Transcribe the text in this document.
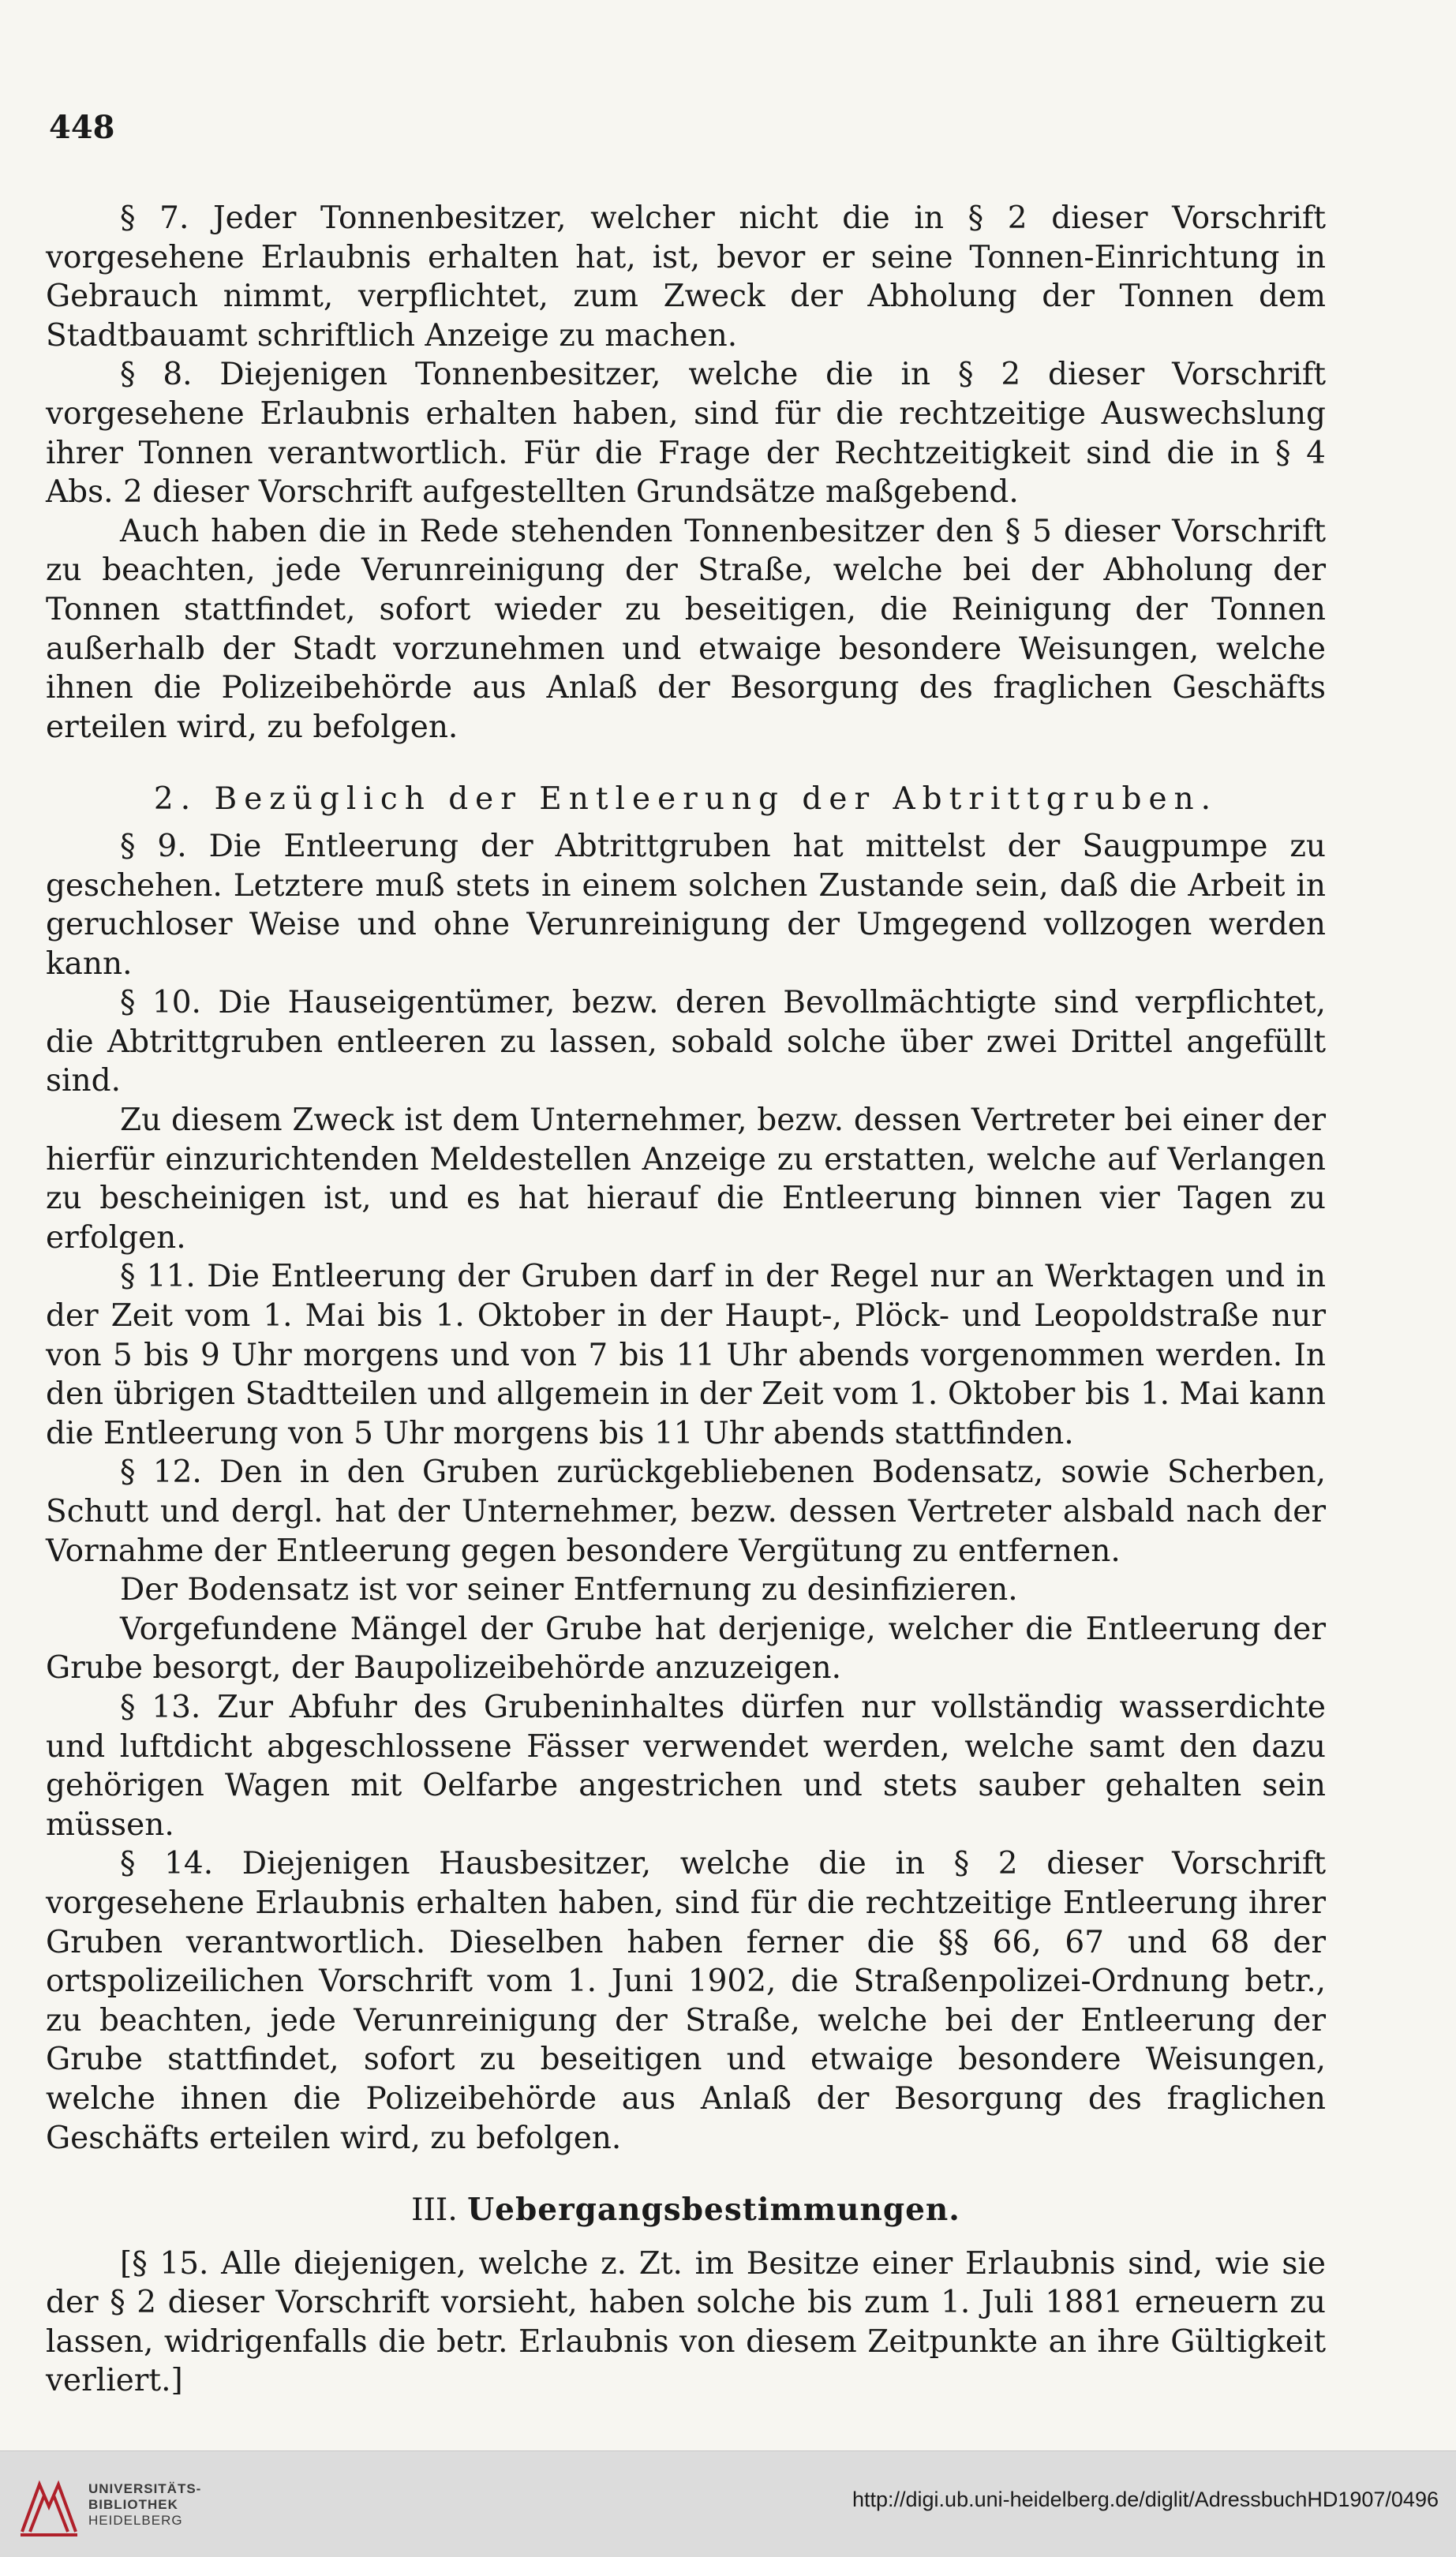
448

§ 7. Jeder Tonnenbesitzer, welcher nicht die in § 2 dieser Vorschrift vorgesehene Erlaubnis erhalten hat, ist, bevor er seine Tonnen-Einrichtung in Gebrauch nimmt, verpflichtet, zum Zweck der Abholung der Tonnen dem Stadtbauamt schriftlich Anzeige zu machen.

§ 8. Diejenigen Tonnenbesitzer, welche die in § 2 dieser Vorschrift vorgesehene Erlaubnis erhalten haben, sind für die rechtzeitige Auswechslung ihrer Tonnen verantwortlich. Für die Frage der Rechtzeitigkeit sind die in § 4 Abs. 2 dieser Vorschrift aufgestellten Grundsätze maßgebend.

Auch haben die in Rede stehenden Tonnenbesitzer den § 5 dieser Vorschrift zu beachten, jede Verunreinigung der Straße, welche bei der Abholung der Tonnen stattfindet, sofort wieder zu beseitigen, die Reinigung der Tonnen außerhalb der Stadt vorzunehmen und etwaige besondere Weisungen, welche ihnen die Polizeibehörde aus Anlaß der Besorgung des fraglichen Geschäfts erteilen wird, zu befolgen.

2. Bezüglich der Entleerung der Abtrittgruben.

§ 9. Die Entleerung der Abtrittgruben hat mittelst der Saugpumpe zu geschehen. Letztere muß stets in einem solchen Zustande sein, daß die Arbeit in geruchloser Weise und ohne Verunreinigung der Umgegend vollzogen werden kann.

§ 10. Die Hauseigentümer, bezw. deren Bevollmächtigte sind verpflichtet, die Abtrittgruben entleeren zu lassen, sobald solche über zwei Drittel angefüllt sind.

Zu diesem Zweck ist dem Unternehmer, bezw. dessen Vertreter bei einer der hierfür einzurichtenden Meldestellen Anzeige zu erstatten, welche auf Verlangen zu bescheinigen ist, und es hat hierauf die Entleerung binnen vier Tagen zu erfolgen.

§ 11. Die Entleerung der Gruben darf in der Regel nur an Werktagen und in der Zeit vom 1. Mai bis 1. Oktober in der Haupt-, Plöck- und Leopoldstraße nur von 5 bis 9 Uhr morgens und von 7 bis 11 Uhr abends vorgenommen werden. In den übrigen Stadtteilen und allgemein in der Zeit vom 1. Oktober bis 1. Mai kann die Entleerung von 5 Uhr morgens bis 11 Uhr abends stattfinden.

§ 12. Den in den Gruben zurückgebliebenen Bodensatz, sowie Scherben, Schutt und dergl. hat der Unternehmer, bezw. dessen Vertreter alsbald nach der Vornahme der Entleerung gegen besondere Vergütung zu entfernen.

Der Bodensatz ist vor seiner Entfernung zu desinfizieren.

Vorgefundene Mängel der Grube hat derjenige, welcher die Entleerung der Grube besorgt, der Baupolizeibehörde anzuzeigen.

§ 13. Zur Abfuhr des Grubeninhaltes dürfen nur vollständig wasserdichte und luftdicht abgeschlossene Fässer verwendet werden, welche samt den dazu gehörigen Wagen mit Oelfarbe angestrichen und stets sauber gehalten sein müssen.

§ 14. Diejenigen Hausbesitzer, welche die in § 2 dieser Vorschrift vorgesehene Erlaubnis erhalten haben, sind für die rechtzeitige Entleerung ihrer Gruben verantwortlich. Dieselben haben ferner die §§ 66, 67 und 68 der ortspolizeilichen Vorschrift vom 1. Juni 1902, die Straßenpolizei-Ordnung betr., zu beachten, jede Verunreinigung der Straße, welche bei der Entleerung der Grube stattfindet, sofort zu beseitigen und etwaige besondere Weisungen, welche ihnen die Polizeibehörde aus Anlaß der Besorgung des fraglichen Geschäfts erteilen wird, zu befolgen.

III. Uebergangsbestimmungen.

[§ 15. Alle diejenigen, welche z. Zt. im Besitze einer Erlaubnis sind, wie sie der § 2 dieser Vorschrift vorsieht, haben solche bis zum 1. Juli 1881 erneuern zu lassen, widrigenfalls die betr. Erlaubnis von diesem Zeitpunkte an ihre Gültigkeit verliert.]

UNIVERSITÄTS-
BIBLIOTHEK
HEIDELBERG
http://digi.ub.uni-heidelberg.de/diglit/AdressbuchHD1907/0496
